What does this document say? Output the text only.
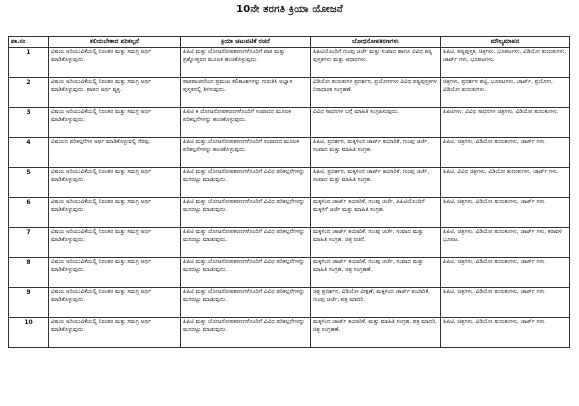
10ನೇ ತರಗತಿ ಕ್ರಿಯಾ ಯೋಜನೆ
ಪಾ.ಸಂ	ಕಲಿಯಬೇಕಾದ ಪರಿಕಲ್ಪನೆ	ಕ್ರಿಯಾ ಚಟುವಟಿಕೆ ರಚನೆ	ಬೋಧನೋಪಕರಣಗಳು	ಮೌಲ್ಯಮಾಪನ
1	ವಿಷಯ ಅರಿಯುವಿಕೆಯಲ್ಲಿ ನಿರಂತರ ಮತ್ತು ಸಮಗ್ರ ಅರ್ಥ ಮಾಡಿಕೊಳ್ಳುವುದು.	ಪಿಪಿಟಿ ಮತ್ತು ಯೋಜನೋಪಕರಣಗಳೊಂದಿಗೆ ಪಾಠ ಮತ್ತು ಪ್ರಶ್ನೋತ್ತರದ ಮೂಲಕ ಹಂಚಿಕೊಳ್ಳುವುದು.	ಪಿಪಿಟಿಯೊಂದಿಗೆ ಗುಂಪು ಚರ್ಚೆ ಮತ್ತು ಸಂವಾದ ಹಾಗೂ ವಿವಿಧ ಪಠ್ಯ ಪುಸ್ತಕಗಳು ಮತ್ತು ಆಧಾರಗಳು.	ಪಿಪಿಟಿ, ಪಠ್ಯಪುಸ್ತಕ, ಚಿತ್ರಗಳು, ಭೂಪಟಗಳು, ವಿಡಿಯೋ ತುಣುಕುಗಳು, ಚಾರ್ಟ್ ಗಳು, ಭೂಪಟಗಳು.
2	ವಿಷಯ ಅರಿಯುವಿಕೆಯಲ್ಲಿ ನಿರಂತರ ಮತ್ತು ಸಮಗ್ರ ಅರ್ಥ ಮಾಡಿಕೊಳ್ಳುವುದು. ಪಾಠದ ಅರ್ಥ ವ್ಯಕ್ತ.	ಪಾಠವಾಚನದಿಂದ ಪ್ರಮುಖ ಕಲಿಕಾಂಶಗಳನ್ನು ಗುರುತಿಸಿ ಅಭ್ಯಾಸ ಪುಸ್ತಕದಲ್ಲಿ ತಿಳಿಸುವುದು.	ವಿಡಿಯೋ ತುಣುಕುಗಳ ಪ್ರದರ್ಶನ, ಪ್ರಯೋಗಗಳು ವಿವಿಧ ಪಠ್ಯಪುಸ್ತಕಗಳ ನಿರಾಧಾರಕ ಸಂಗ್ರಹಣೆ.	ಚಿತ್ರಗಳು, ಪ್ರದರ್ಶನ ಪಟ್ಟಿ, ಭೂಪಟಗಳು, ಚಾರ್ಟ್, ಪ್ರಯೋಗ, ವಿಡಿಯೋ ತುಣುಕುಗಳು.
3	ವಿಷಯ ಅರಿಯುವಿಕೆಯಲ್ಲಿ ನಿರಂತರ ಮತ್ತು ಸಮಗ್ರ ಅರ್ಥ ಮಾಡಿಕೊಳ್ಳುವುದು.	ಪಿಪಿಟಿ ಕ ಯೋಜನೋಪಕರಣಗಳೊಂದಿಗೆ ಸಂವಾದದ ಮೂಲಕ ಪರಿಕಲ್ಪನೆಗಳನ್ನು ಹಂಚಿಕೊಳ್ಳುವುದು.	ವಿವಿಧ ಸಾಧನಗಳ ಬಗ್ಗೆ ಮಾಹಿತಿ ಸಂಗ್ರಹಿಸುವುದು.	ಪಿಪಿಟಿಗಳು, ವಿವಿಧ ಸಾಧನಗಳ ಚಿತ್ರಗಳು, ವಿಡಿಯೋ ತುಣುಕುಗಳು.
4	ವಿಷಯದ ಪರಿಕಲ್ಪನೆಗಳ ಅರ್ಥ ಮಾಡಿಕೊಳ್ಳುವಲ್ಲಿ ನೆರವು.	ಪಿಪಿಟಿ ಮತ್ತು ಯೋಜನೋಪಕರಣಗಳೊಂದಿಗೆ ಸಂವಾದದ ಮೂಲಕ ಪರಿಕಲ್ಪನೆಗಳನ್ನು ಹಂಚಿಕೊಳ್ಳುವುದು.	ಪಿಪಿಟಿ, ಪ್ರದರ್ಶನ, ಮಕ್ಕಳಿಂದ ಚಾರ್ಟ್ ತಯಾರಿಕೆ, ಗುಂಪು ಚರ್ಚೆ, ಸಂವಾದ ಮತ್ತು ಮಾಹಿತಿ ಸಂಗ್ರಹ.	ಪಿಪಿಟಿ, ಚಿತ್ರಗಳು, ವಿಡಿಯೋ ತುಣುಕುಗಳು, ಚಾರ್ಟ್ ಗಳು.
5	ವಿಷಯ ಅರಿಯುವಿಕೆಯಲ್ಲಿ ನಿರಂತರ ಮತ್ತು ಸಮಗ್ರ ಅರ್ಥ ಮಾಡಿಕೊಳ್ಳುವುದು.	ಪಿಪಿಟಿ ಮತ್ತು ಯೋಜನೋಪಕರಣಗಳೊಂದಿಗೆ ವಿವಿಧ ಪರಿಕಲ್ಪನೆಗಳನ್ನು ಮನದಟ್ಟು ಮಾಡುವುದು.	ಪಿಪಿಟಿ, ಪ್ರದರ್ಶನ, ಮಕ್ಕಳಿಂದ ಚಾರ್ಟ್ ತಯಾರಿಕೆ, ಗುಂಪು ಚರ್ಚೆ, ಸಂವಾದ ಮತ್ತು ಮಾಹಿತಿ ಸಂಗ್ರಹ.	ಪಿಪಿಟಿ, ವಿವಿಧ ಚಿತ್ರಗಳು, ವಿಡಿಯೋ ತುಣುಕುಗಳು, ಚಾರ್ಟ್ ಗಳು.
6	ವಿಷಯ ಅರಿಯುವಿಕೆಯಲ್ಲಿ ನಿರಂತರ ಮತ್ತು ಸಮಗ್ರ ಅರ್ಥ ಮಾಡಿಕೊಳ್ಳುವುದು.	ಪಿಪಿಟಿ ಮತ್ತು ಯೋಜನೋಪಕರಣಗಳೊಂದಿಗೆ ವಿವಿಧ ಪರಿಕಲ್ಪನೆಗಳನ್ನು ಮನದಟ್ಟು ಮಾಡುವುದು.	ಮಕ್ಕಳಿಂದ ಚಾರ್ಟ್ ತಯಾರಿಕೆ, ಗುಂಪು ಚರ್ಚೆ, ಪಿಪಿಟಿಯೊಂದಿಗೆ ಮಕ್ಕಳಿಗೆ ಚರ್ಚೆ ಮತ್ತು ಮಾಹಿತಿ ಸಂಗ್ರಹ.	ಪಿಪಿಟಿ, ಚಿತ್ರಗಳು, ವಿಡಿಯೋ ತುಣುಕುಗಳು, ಚಾರ್ಟ್ ಗಳು.
7	ವಿಷಯ ಅರಿಯುವಿಕೆಯಲ್ಲಿ ನಿರಂತರ ಮತ್ತು ಸಮಗ್ರ ಅರ್ಥ ಮಾಡಿಕೊಳ್ಳುವುದು.	ಪಿಪಿಟಿ ಮತ್ತು ಯೋಜನೋಪಕರಣಗಳೊಂದಿಗೆ ವಿವಿಧ ಪರಿಕಲ್ಪನೆಗಳನ್ನು ಮನದಟ್ಟು ಮಾಡುವುದು.	ಮಕ್ಕಳಿಂದ ಚಾರ್ಟ್ ತಯಾರಿಕೆ, ಗುಂಪು ಚರ್ಚೆ, ಸಂವಾದ ಮತ್ತು ಮಾಹಿತಿ ಸಂಗ್ರಹ, ಚಿತ್ರ ರಚನೆ.	ಪಿಪಿಟಿ, ಚಿತ್ರಗಳು, ವಿಡಿಯೋ ತುಣುಕುಗಳು, ಚಾರ್ಟ್ ಗಳು, ಕರಾವಳಿ ಭೂಪಟ.
8	ವಿಷಯ ಅರಿಯುವಿಕೆಯಲ್ಲಿ ನಿರಂತರ ಮತ್ತು ಸಮಗ್ರ ಅರ್ಥ ಮಾಡಿಕೊಳ್ಳುವುದು.	ಪಿಪಿಟಿ ಮತ್ತು ಯೋಜನೋಪಕರಣಗಳೊಂದಿಗೆ ವಿವಿಧ ಪರಿಕಲ್ಪನೆಗಳನ್ನು ಮನದಟ್ಟು ಮಾಡುವುದು.	ಮಕ್ಕಳಿಂದ ಚಾರ್ಟ್ ತಯಾರಿಕೆ, ಗುಂಪು ಚರ್ಚೆ, ಸಂವಾದ ಮತ್ತು ಮಾಹಿತಿ ಸಂಗ್ರಹ, ಚಿತ್ರ ಸಂಗ್ರಹಣೆ.	ಪಿಪಿಟಿ, ಚಿತ್ರಗಳು, ವಿಡಿಯೋ ತುಣುಕುಗಳು, ಚಾರ್ಟ್ ಗಳು.
9	ವಿಷಯ ಅರಿಯುವಿಕೆಯಲ್ಲಿ ನಿರಂತರ ಮತ್ತು ಸಮಗ್ರ ಅರ್ಥ ಮಾಡಿಕೊಳ್ಳುವುದು.	ಪಿಪಿಟಿ ಮತ್ತು ಯೋಜನೋಪಕರಣಗಳೊಂದಿಗೆ ವಿವಿಧ ಪರಿಕಲ್ಪನೆಗಳನ್ನು ಮನದಟ್ಟು ಮಾಡುವುದು.	ಚಿತ್ರ ಪ್ರದರ್ಶನ, ವಿಡಿಯೋ ವೀಕ್ಷಣೆ, ಮಕ್ಕಳಿಂದ ಚಾರ್ಟ್ ತಯಾರಿಕೆ, ಗುಂಪು ಚರ್ಚೆ, ಪತ್ರ ಮಾದರಿ.	ಪಿಪಿಟಿ, ಚಿತ್ರಗಳು, ವಿಡಿಯೋ ತುಣುಕುಗಳು, ಚಾರ್ಟ್ ಗಳು.
10	ವಿಷಯ ಅರಿಯುವಿಕೆಯಲ್ಲಿ ನಿರಂತರ ಮತ್ತು ಸಮಗ್ರ ಅರ್ಥ ಮಾಡಿಕೊಳ್ಳುವುದು.	ಪಿಪಿಟಿ ಮತ್ತು ಯೋಜನೋಪಕರಣಗಳೊಂದಿಗೆ ವಿವಿಧ ಪರಿಕಲ್ಪನೆಗಳನ್ನು ಮನದಟ್ಟು ಮಾಡುವುದು.	ಮಕ್ಕಳಿಂದ ಚಾರ್ಟ್ ತಯಾರಿಕೆ, ಮತ್ತು ಮಾಹಿತಿ ಸಂಗ್ರಹ, ಪತ್ರ ಮಾದರಿ, ಚಿತ್ರ ಸಂಗ್ರಹಣೆ.	ಪಿಪಿಟಿ, ಚಿತ್ರಗಳು, ವಿಡಿಯೋ ತುಣುಕುಗಳು, ಚಾರ್ಟ್ ಗಳು.
